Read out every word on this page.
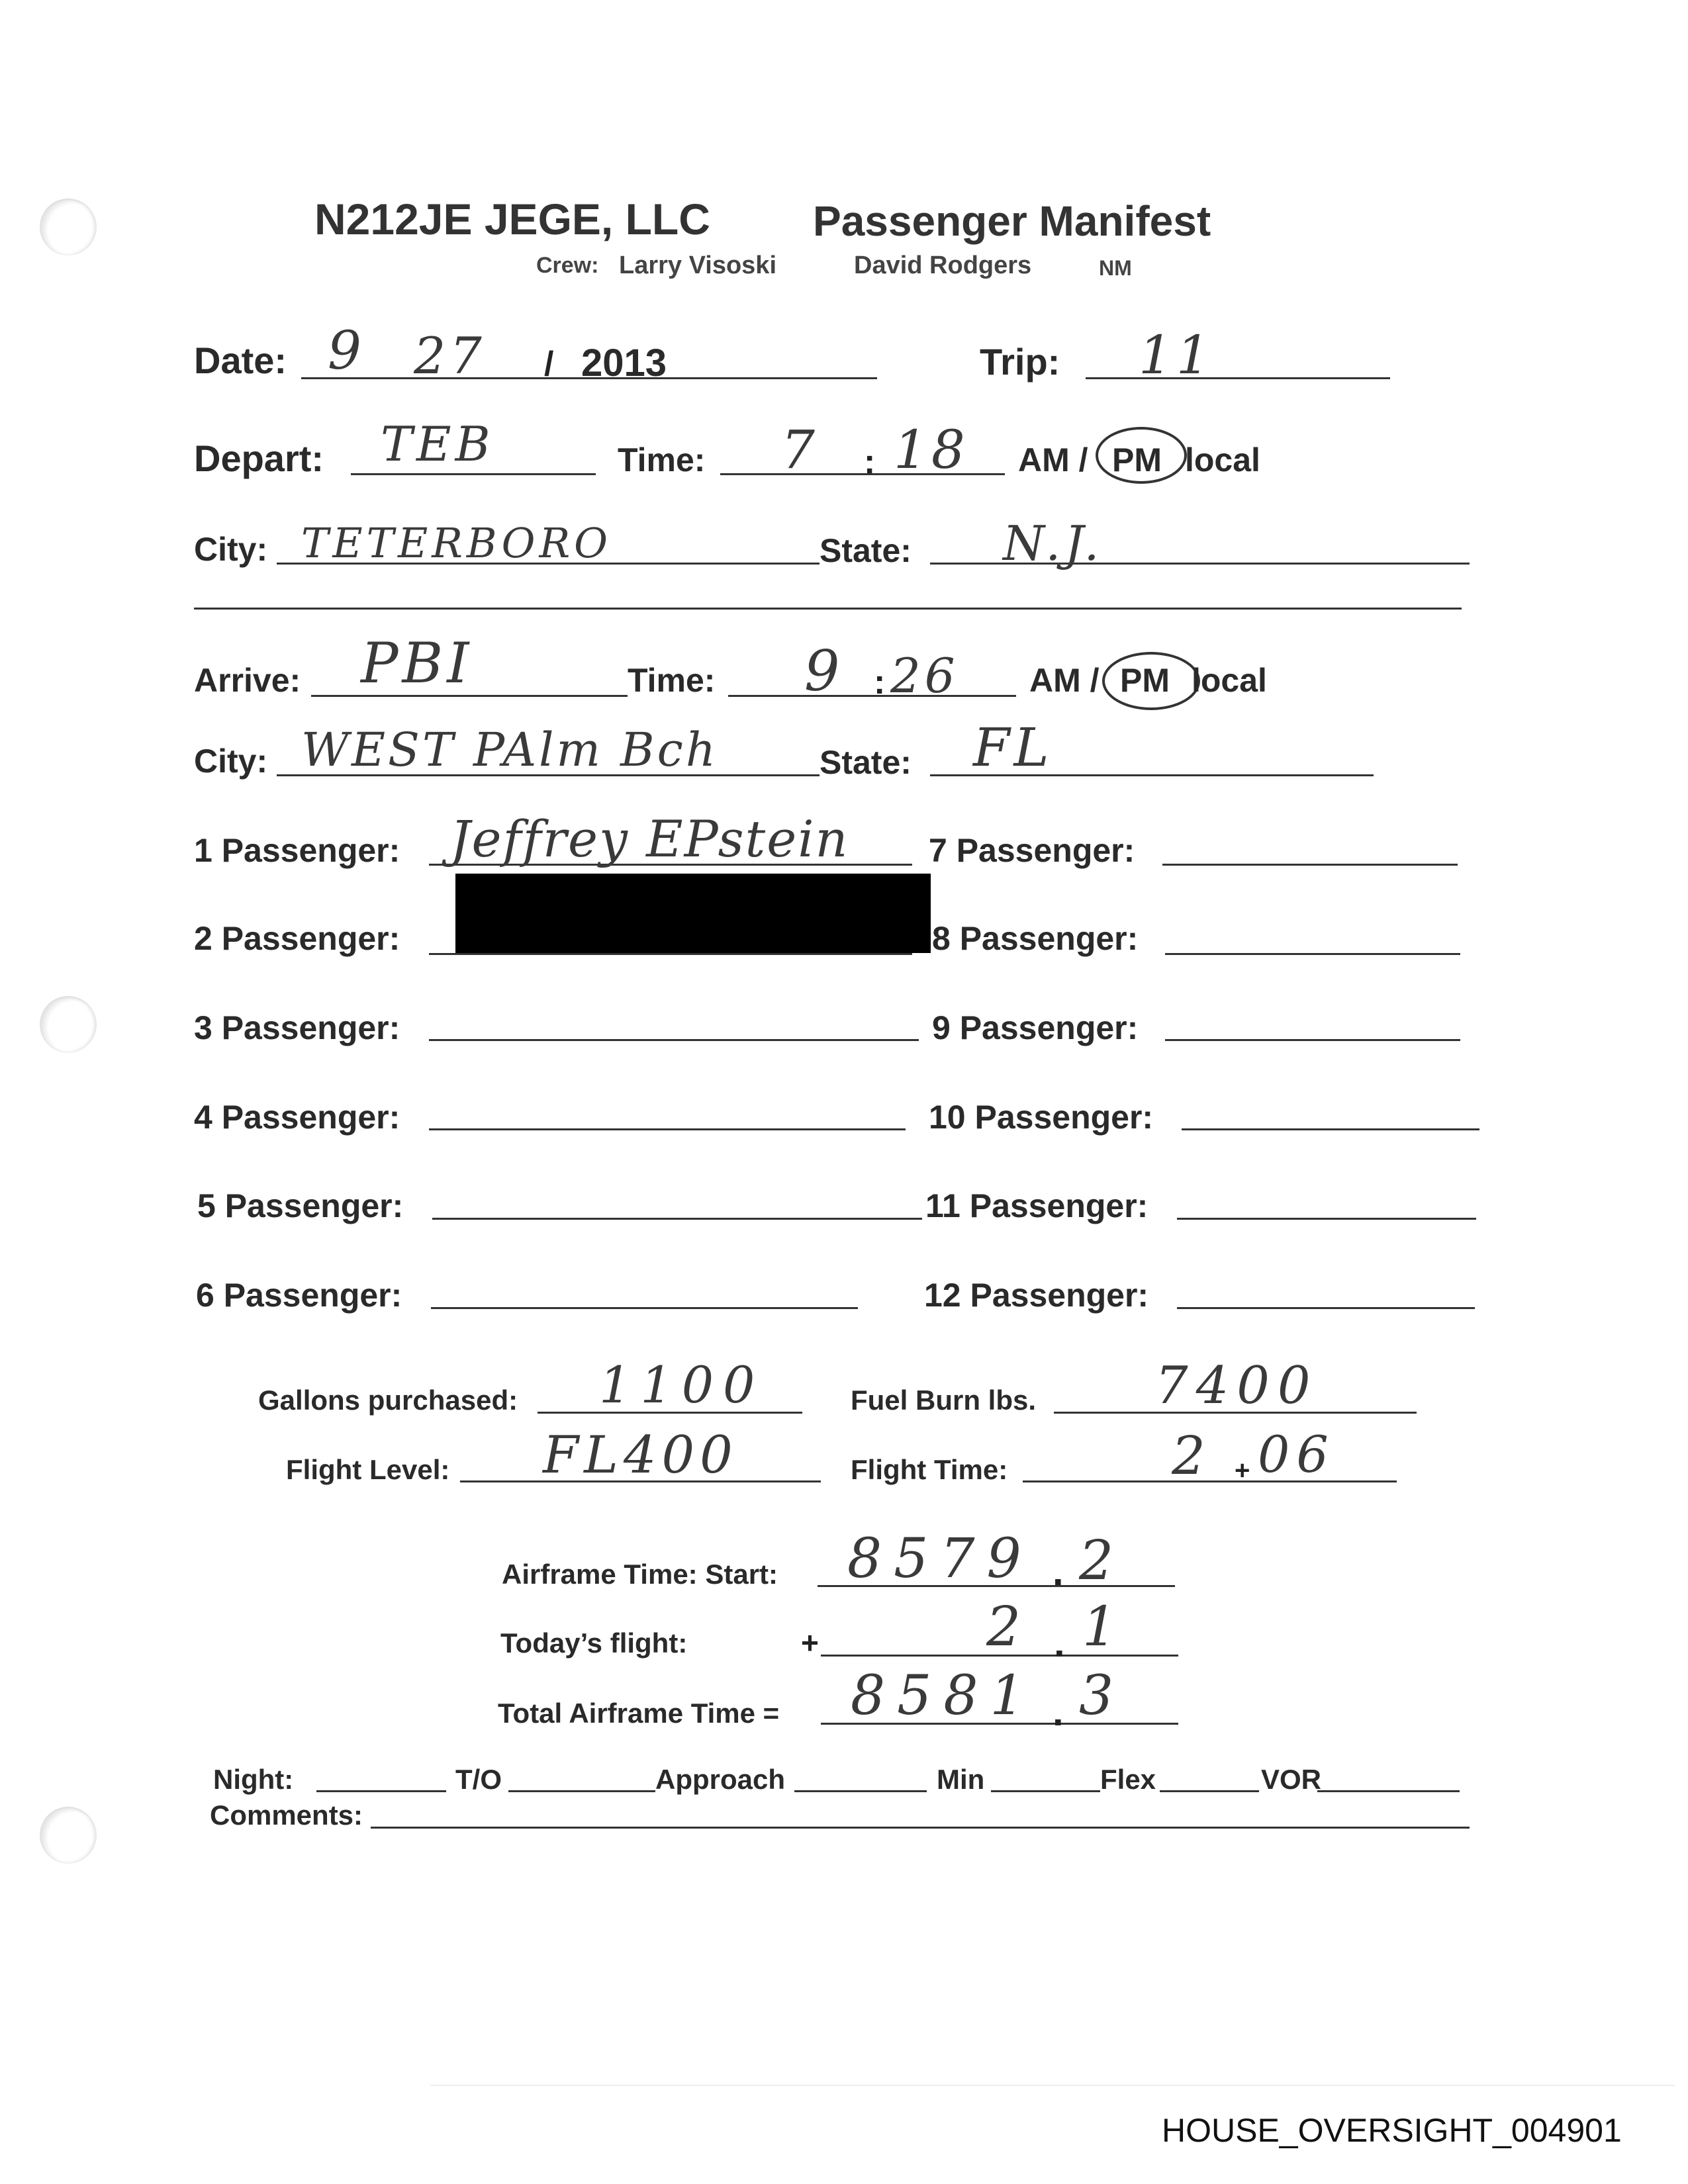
N212JE JEGE, LLC Passenger Manifest
Crew: Larry Visoski	David Rodgers	NM
Date: 9 27 / 2013	Trip: 11
Depart: TEB	Time: 7 : 18 AM / PM local
City: TETERBORO	State: N.J.
Arrive: PBI	Time: 9 : 26 AM / PM local
City: WEST PAlm Bch	State: FL
1 Passenger: Jeffrey EPstein
2 Passenger:
3 Passenger:
4 Passenger:
5 Passenger:
6 Passenger:
7 Passenger:
8 Passenger:
9 Passenger:
10 Passenger:
11 Passenger:
12 Passenger:
Gallons purchased: 1100	Fuel Burn lbs. 7400
Flight Level: FL400	Flight Time:	2 + 06
Airframe Time: Start: 8579 . 2
Today’s flight:	+	2 . 1
Total Airframe Time = 8581 . 3
Night:	T/O	Approach	Min	Flex	VOR
Comments:
HOUSE_OVERSIGHT_004901
